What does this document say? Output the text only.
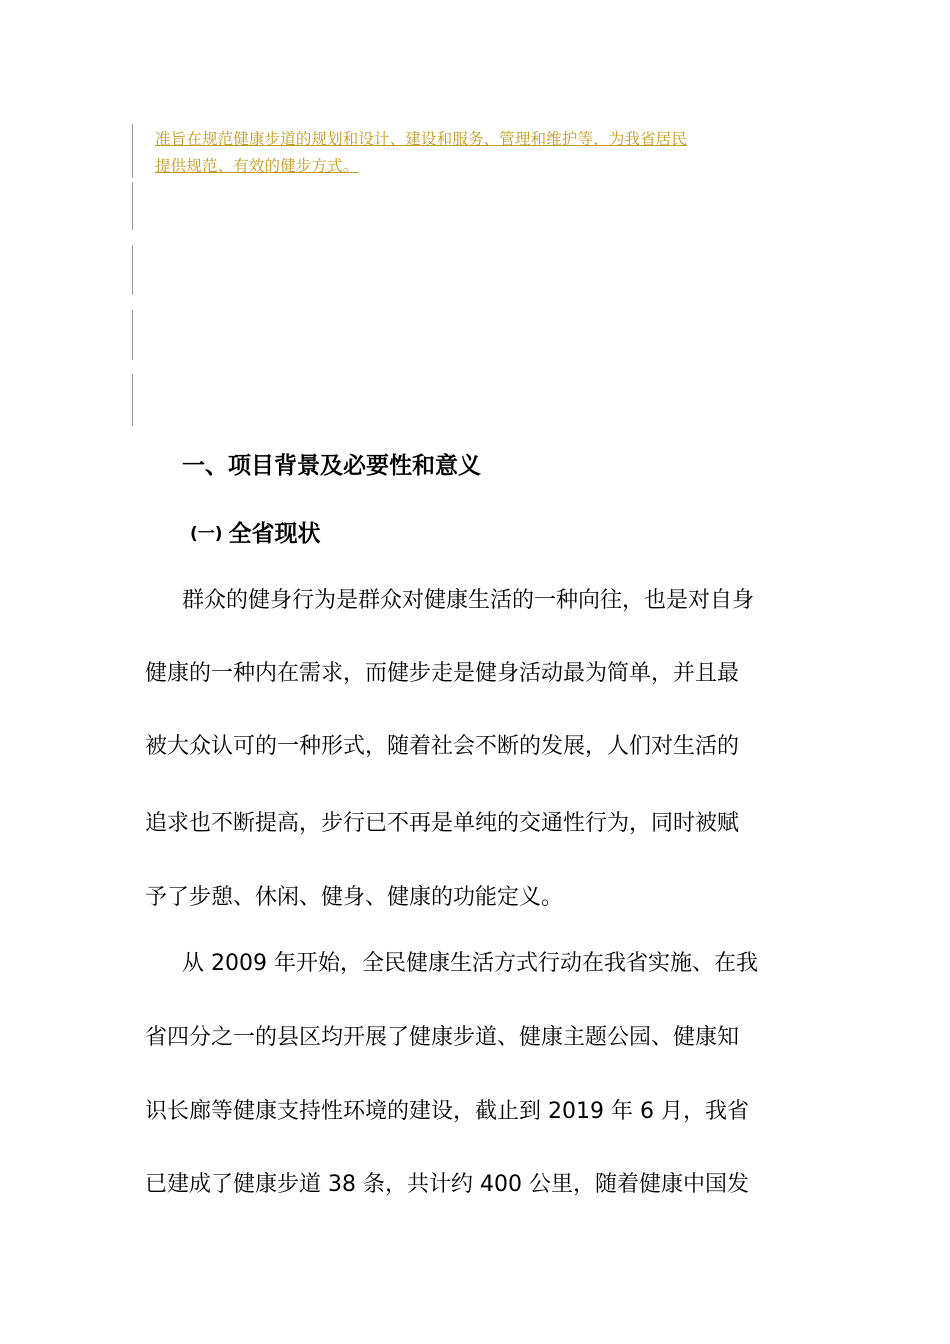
准旨在规范健康步道的规划和设计、建设和服务、管理和维护等，为我省居民
提供规范、有效的健步方式。

一、项目背景及必要性和意义
(一) 全省现状

群众的健身行为是群众对健康生活的一种向往，也是对自身

健康的一种内在需求，而健步走是健身活动最为简单，并且最

被大众认可的一种形式，随着社会不断的发展，人们对生活的

追求也不断提高，步行已不再是单纯的交通性行为，同时被赋

予了步憩、休闲、健身、健康的功能定义。

从 2009 年开始，全民健康生活方式行动在我省实施、在我

省四分之一的县区均开展了健康步道、健康主题公园、健康知

识长廊等健康支持性环境的建设，截止到 2019 年 6 月，我省

已建成了健康步道 38 条，共计约 400 公里，随着健康中国发
